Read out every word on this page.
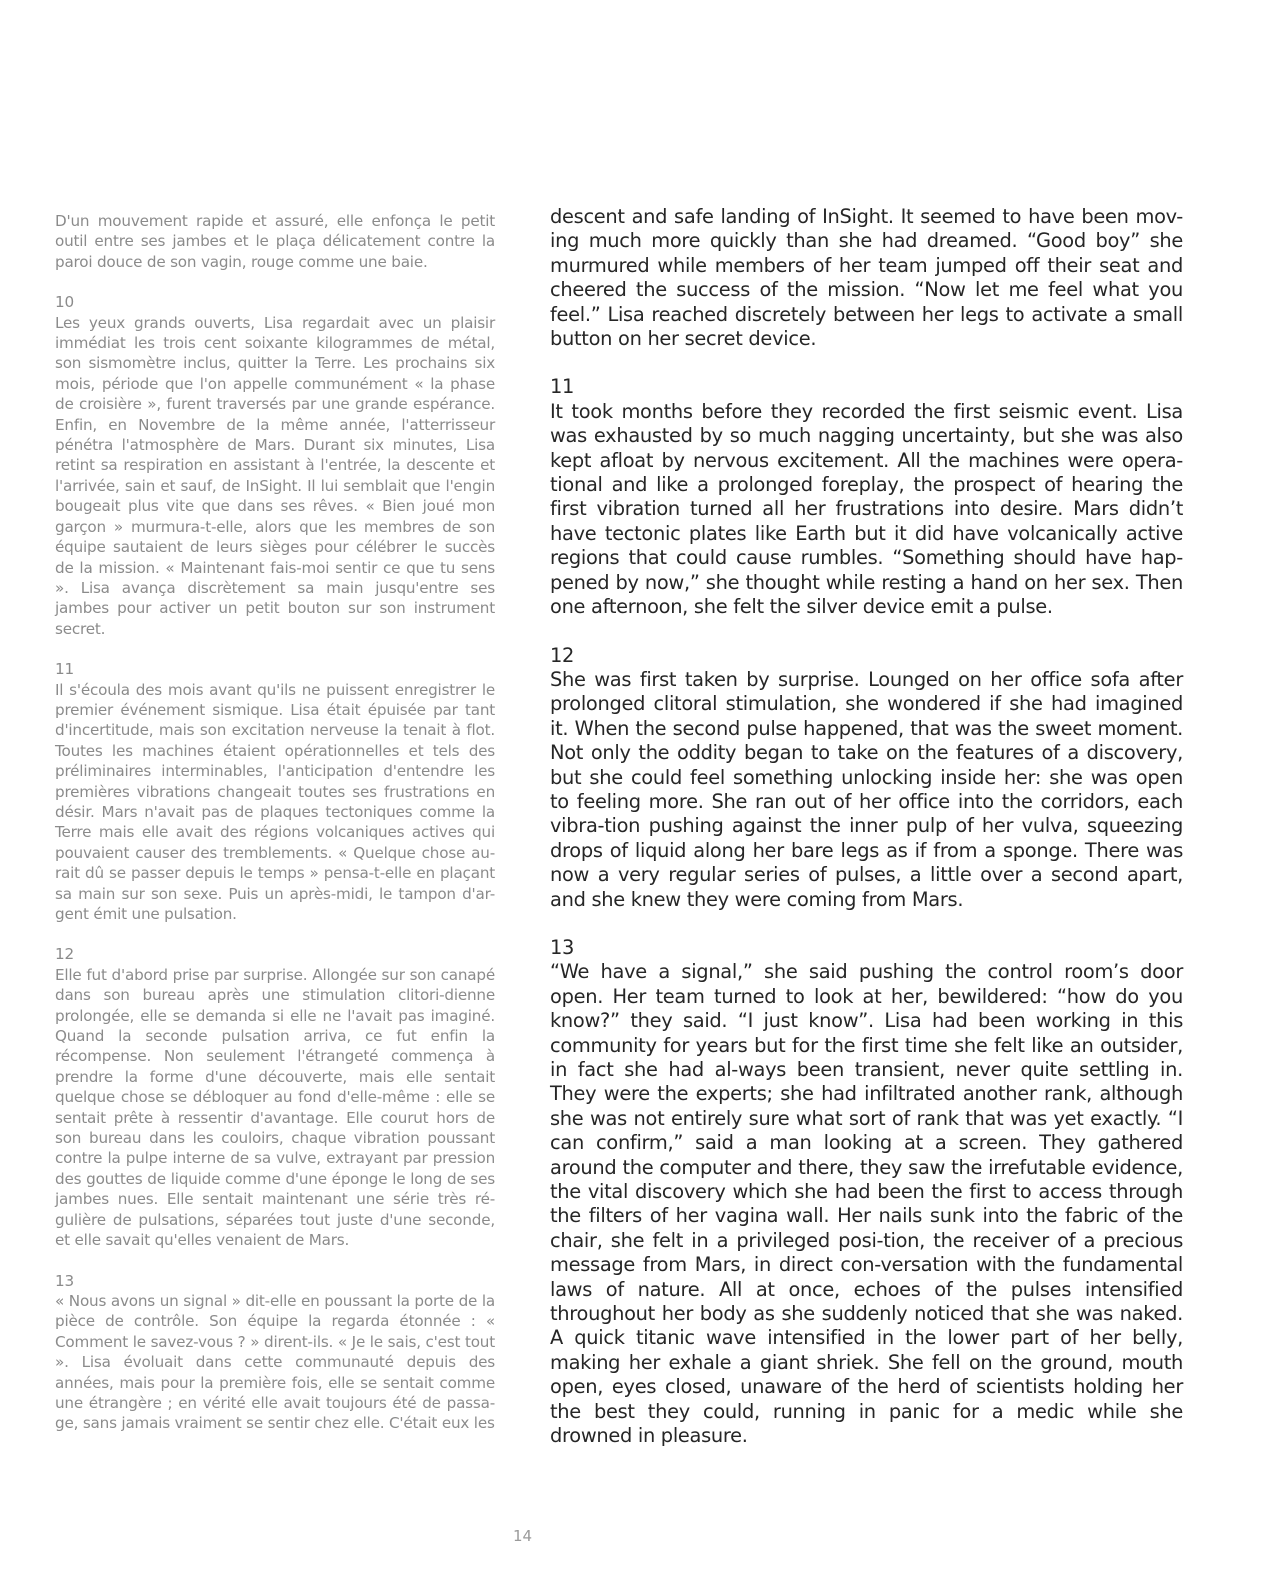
D'un mouvement rapide et assuré, elle enfonça le petit outil entre ses jambes et le plaça délicatement contre la paroi douce de son vagin, rouge comme une baie.

10

Les yeux grands ouverts, Lisa regardait avec un plaisir immédiat les trois cent soixante kilogrammes de métal, son sismomètre inclus, quitter la Terre. Les prochains six mois, période que l'on appelle communément « la phase de croisière », furent traversés par une grande espérance. Enfin, en Novembre de la même année, l'atterrisseur pénétra l'atmosphère de Mars. Durant six minutes, Lisa retint sa respiration en assistant à l'entrée, la descente et l'arrivée, sain et sauf, de InSight. Il lui semblait que l'engin bougeait plus vite que dans ses rêves. « Bien joué mon garçon » murmura-t-elle, alors que les membres de son équipe sautaient de leurs sièges pour célébrer le succès de la mission. « Maintenant fais-moi sentir ce que tu sens ». Lisa avança discrètement sa main jusqu'entre ses jambes pour activer un petit bouton sur son instrument secret.

11

Il s'écoula des mois avant qu'ils ne puissent enregistrer le premier événement sismique. Lisa était épuisée par tant d'incertitude, mais son excitation nerveuse la tenait à flot. Toutes les machines étaient opérationnelles et tels des préliminaires interminables, l'anticipation d'entendre les premières vibrations changeait toutes ses frustrations en désir. Mars n'avait pas de plaques tectoniques comme la Terre mais elle avait des régions volcaniques actives qui pouvaient causer des tremblements. « Quelque chose au-rait dû se passer depuis le temps » pensa-t-elle en plaçant sa main sur son sexe. Puis un après-midi, le tampon d'ar-gent émit une pulsation.

12

Elle fut d'abord prise par surprise. Allongée sur son canapé dans son bureau après une stimulation clitori-dienne prolongée, elle se demanda si elle ne l'avait pas imaginé. Quand la seconde pulsation arriva, ce fut enfin la récompense. Non seulement l'étrangeté commença à prendre la forme d'une découverte, mais elle sentait quelque chose se débloquer au fond d'elle-même : elle se sentait prête à ressentir d'avantage. Elle courut hors de son bureau dans les couloirs, chaque vibration poussant contre la pulpe interne de sa vulve, extrayant par pression des gouttes de liquide comme d'une éponge le long de ses jambes nues. Elle sentait maintenant une série très ré-gulière de pulsations, séparées tout juste d'une seconde, et elle savait qu'elles venaient de Mars.

13

« Nous avons un signal » dit-elle en poussant la porte de la pièce de contrôle. Son équipe la regarda étonnée : « Comment le savez-vous ? » dirent-ils. « Je le sais, c'est tout ». Lisa évoluait dans cette communauté depuis des années, mais pour la première fois, elle se sentait comme une étrangère ; en vérité elle avait toujours été de passa-ge, sans jamais vraiment se sentir chez elle. C'était eux les

descent and safe landing of InSight. It seemed to have been mov-ing much more quickly than she had dreamed. “Good boy” she murmured while members of her team jumped off their seat and cheered the success of the mission. “Now let me feel what you feel.” Lisa reached discretely between her legs to activate a small button on her secret device.

11

It took months before they recorded the first seismic event. Lisa was exhausted by so much nagging uncertainty, but she was also kept afloat by nervous excitement. All the machines were opera-tional and like a prolonged foreplay, the prospect of hearing the first vibration turned all her frustrations into desire. Mars didn’t have tectonic plates like Earth but it did have volcanically active regions that could cause rumbles. “Something should have hap-pened by now,” she thought while resting a hand on her sex. Then one afternoon, she felt the silver device emit a pulse.

12

She was first taken by surprise. Lounged on her office sofa after prolonged clitoral stimulation, she wondered if she had imagined it. When the second pulse happened, that was the sweet moment. Not only the oddity began to take on the features of a discovery, but she could feel something unlocking inside her: she was open to feeling more. She ran out of her office into the corridors, each vibra-tion pushing against the inner pulp of her vulva, squeezing drops of liquid along her bare legs as if from a sponge. There was now a very regular series of pulses, a little over a second apart, and she knew they were coming from Mars.

13

“We have a signal,” she said pushing the control room’s door open. Her team turned to look at her, bewildered: “how do you know?” they said. “I just know”. Lisa had been working in this community for years but for the first time she felt like an outsider, in fact she had al-ways been transient, never quite settling in. They were the experts; she had infiltrated another rank, although she was not entirely sure what sort of rank that was yet exactly. “I can confirm,” said a man looking at a screen. They gathered around the computer and there, they saw the irrefutable evidence, the vital discovery which she had been the first to access through the filters of her vagina wall. Her nails sunk into the fabric of the chair, she felt in a privileged posi-tion, the receiver of a precious message from Mars, in direct con-versation with the fundamental laws of nature. All at once, echoes of the pulses intensified throughout her body as she suddenly noticed that she was naked. A quick titanic wave intensified in the lower part of her belly, making her exhale a giant shriek. She fell on the ground, mouth open, eyes closed, unaware of the herd of scientists holding her the best they could, running in panic for a medic while she drowned in pleasure.

14
